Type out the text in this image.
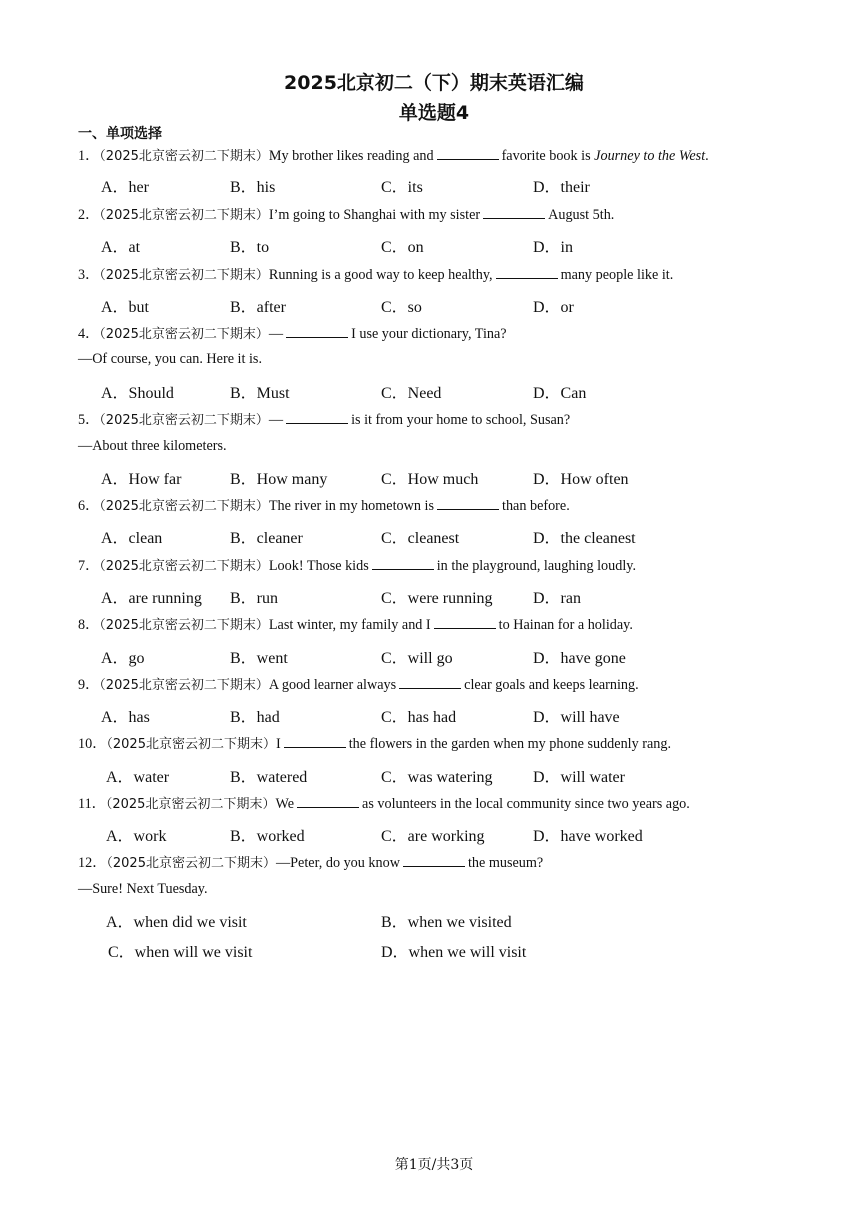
2025北京初二（下）期末英语汇编
单选题4
一、单项选择
1．（2025北京密云初二下期末）My brother likes reading and	favorite book is Journey to the West.
A．her	B．his	C．its	D．their
2．（2025北京密云初二下期末）I’m going to Shanghai with my sister	August 5th.
A．at	B．to	C．on	D．in
3．（2025北京密云初二下期末）Running is a good way to keep healthy,	many people like it.
A．but	B．after	C．so	D．or
4．（2025北京密云初二下期末）—	I use your dictionary, Tina?
—Of course, you can. Here it is.
A．Should	B．Must	C．Need	D．Can
5．（2025北京密云初二下期末）—	is it from your home to school, Susan?
—About three kilometers.
A．How far	B．How many	C．How much	D．How often
6．（2025北京密云初二下期末）The river in my hometown is	than before.
A．clean	B．cleaner	C．cleanest	D．the cleanest
7．（2025北京密云初二下期末）Look! Those kids	in the playground, laughing loudly.
A．are running B．run	C．were running	D．ran
8．（2025北京密云初二下期末）Last winter, my family and I	to Hainan for a holiday.
A．go	B．went	C．will go	D．have gone
9．（2025北京密云初二下期末）A good learner always	clear goals and keeps learning.
A．has	B．had	C．has had	D．will have
10．（2025北京密云初二下期末）I	the flowers in the garden when my phone suddenly rang.
A．water	B．watered	C．was watering	D．will water
11．（2025北京密云初二下期末）We	as volunteers in the local community since two years ago.
A．work	B．worked	C．are working	D．have worked
12．（2025北京密云初二下期末）—Peter, do you know	the museum?
—Sure! Next Tuesday.
A．when did we visit	B．when we visited
C．when will we visit	D．when we will visit
第1页/共3页
